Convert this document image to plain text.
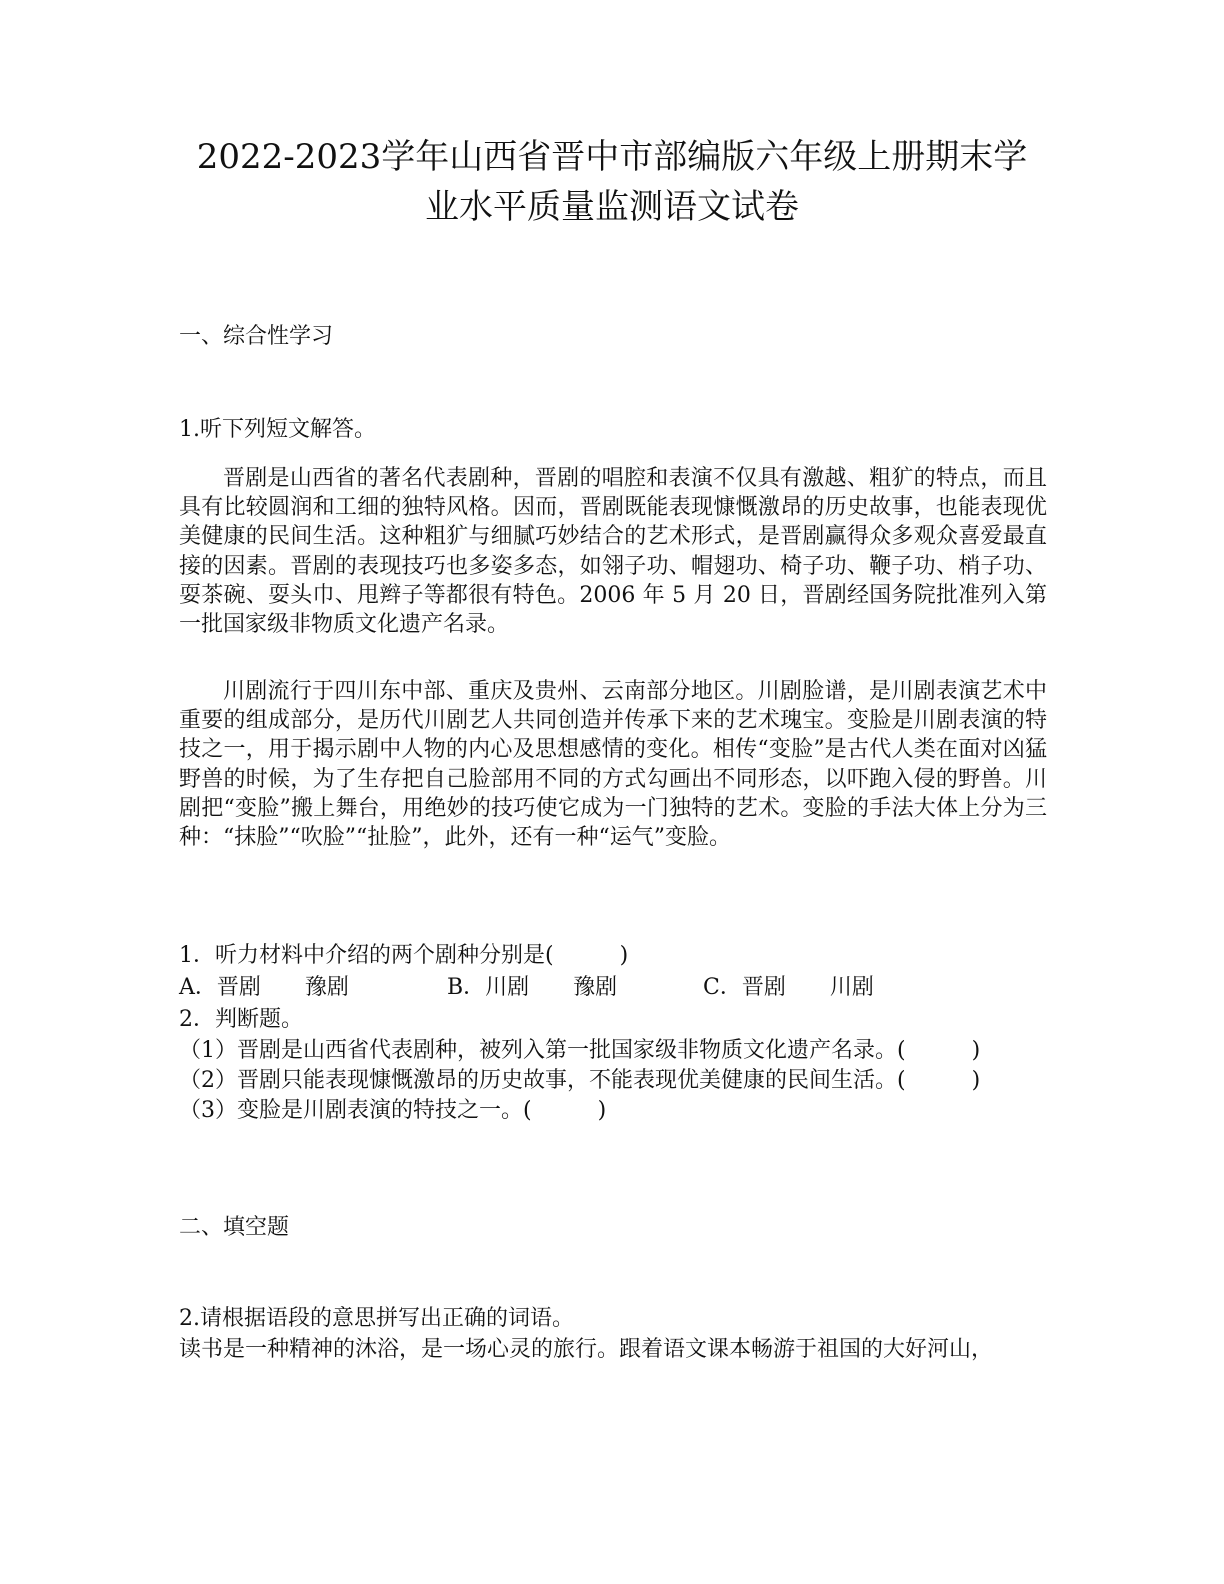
2022-2023学年山西省晋中市部编版六年级上册期末学
业水平质量监测语文试卷

一、综合性学习

1.听下列短文解答。

晋剧是山西省的著名代表剧种，晋剧的唱腔和表演不仅具有激越、粗犷的特点，而且具有比较圆润和工细的独特风格。因而，晋剧既能表现慷慨激昂的历史故事，也能表现优美健康的民间生活。这种粗犷与细腻巧妙结合的艺术形式，是晋剧赢得众多观众喜爱最直接的因素。晋剧的表现技巧也多姿多态，如翎子功、帽翅功、椅子功、鞭子功、梢子功、耍茶碗、耍头巾、甩辫子等都很有特色。2006 年 5 月 20 日，晋剧经国务院批准列入第一批国家级非物质文化遗产名录。

川剧流行于四川东中部、重庆及贵州、云南部分地区。川剧脸谱，是川剧表演艺术中重要的组成部分，是历代川剧艺人共同创造并传承下来的艺术瑰宝。变脸是川剧表演的特技之一，用于揭示剧中人物的内心及思想感情的变化。相传“变脸”是古代人类在面对凶猛野兽的时候，为了生存把自己脸部用不同的方式勾画出不同形态，以吓跑入侵的野兽。川剧把“变脸”搬上舞台，用绝妙的技巧使它成为一门独特的艺术。变脸的手法大体上分为三种：“抹脸”“吹脸”“扯脸”，此外，还有一种“运气”变脸。

1．听力材料中介绍的两个剧种分别是(　　　)

A．晋剧　　豫剧	B．川剧　　豫剧	C．晋剧　　川剧

2．判断题。

（1）晋剧是山西省代表剧种，被列入第一批国家级非物质文化遗产名录。(　　　)

（2）晋剧只能表现慷慨激昂的历史故事，不能表现优美健康的民间生活。(　　　)

（3）变脸是川剧表演的特技之一。(　　　)

二、填空题

2.请根据语段的意思拼写出正确的词语。

读书是一种精神的沐浴，是一场心灵的旅行。跟着语文课本畅游于祖国的大好河山，
